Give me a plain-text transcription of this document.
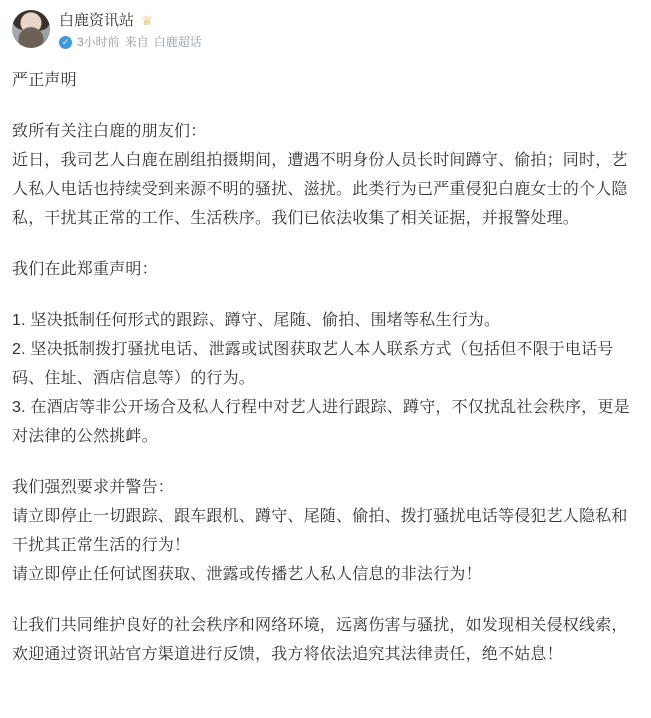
白鹿资讯站 ♕
✓ 3小时前 来自 白鹿超话

严正声明

致所有关注白鹿的朋友们：

近日，我司艺人白鹿在剧组拍摄期间，遭遇不明身份人员长时间蹲守、偷拍；同时，艺人私人电话也持续受到来源不明的骚扰、滋扰。此类行为已严重侵犯白鹿女士的个人隐私，干扰其正常的工作、生活秩序。我们已依法收集了相关证据，并报警处理。

我们在此郑重声明：

1. 坚决抵制任何形式的跟踪、蹲守、尾随、偷拍、围堵等私生行为。

2. 坚决抵制拨打骚扰电话、泄露或试图获取艺人本人联系方式（包括但不限于电话号码、住址、酒店信息等）的行为。

3. 在酒店等非公开场合及私人行程中对艺人进行跟踪、蹲守，不仅扰乱社会秩序，更是对法律的公然挑衅。

我们强烈要求并警告：

请立即停止一切跟踪、跟车跟机、蹲守、尾随、偷拍、拨打骚扰电话等侵犯艺人隐私和干扰其正常生活的行为！

请立即停止任何试图获取、泄露或传播艺人私人信息的非法行为！

让我们共同维护良好的社会秩序和网络环境，远离伤害与骚扰，如发现相关侵权线索，欢迎通过资讯站官方渠道进行反馈，我方将依法追究其法律责任，绝不姑息！
